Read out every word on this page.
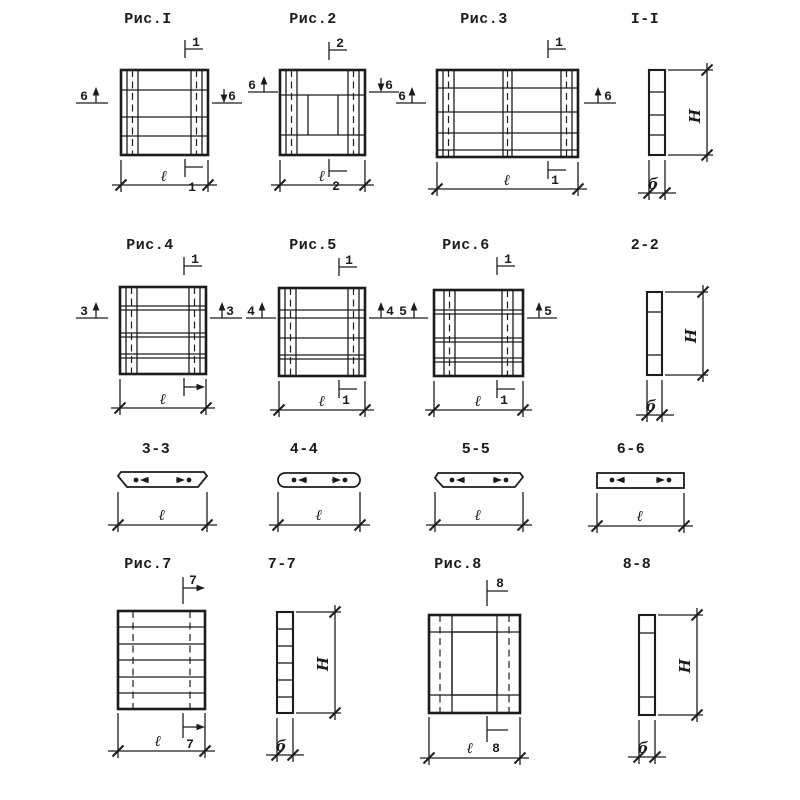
Рис.I
1
1
6	6
ℓ
Рис.2
2
2
6	6
ℓ
Рис.3
1
1
6	6
ℓ
I-I
Н
б
Рис.4
1
3	3
ℓ
Рис.5
1
1
4	4
ℓ
Рис.6
1
1
5	5
ℓ
2-2
Н
б
3-3
ℓ
4-4
ℓ
5-5
ℓ
6-6
ℓ
Рис.7
7
7
ℓ
7-7
Н
б
Рис.8
8
8
ℓ
8-8
Н
б
